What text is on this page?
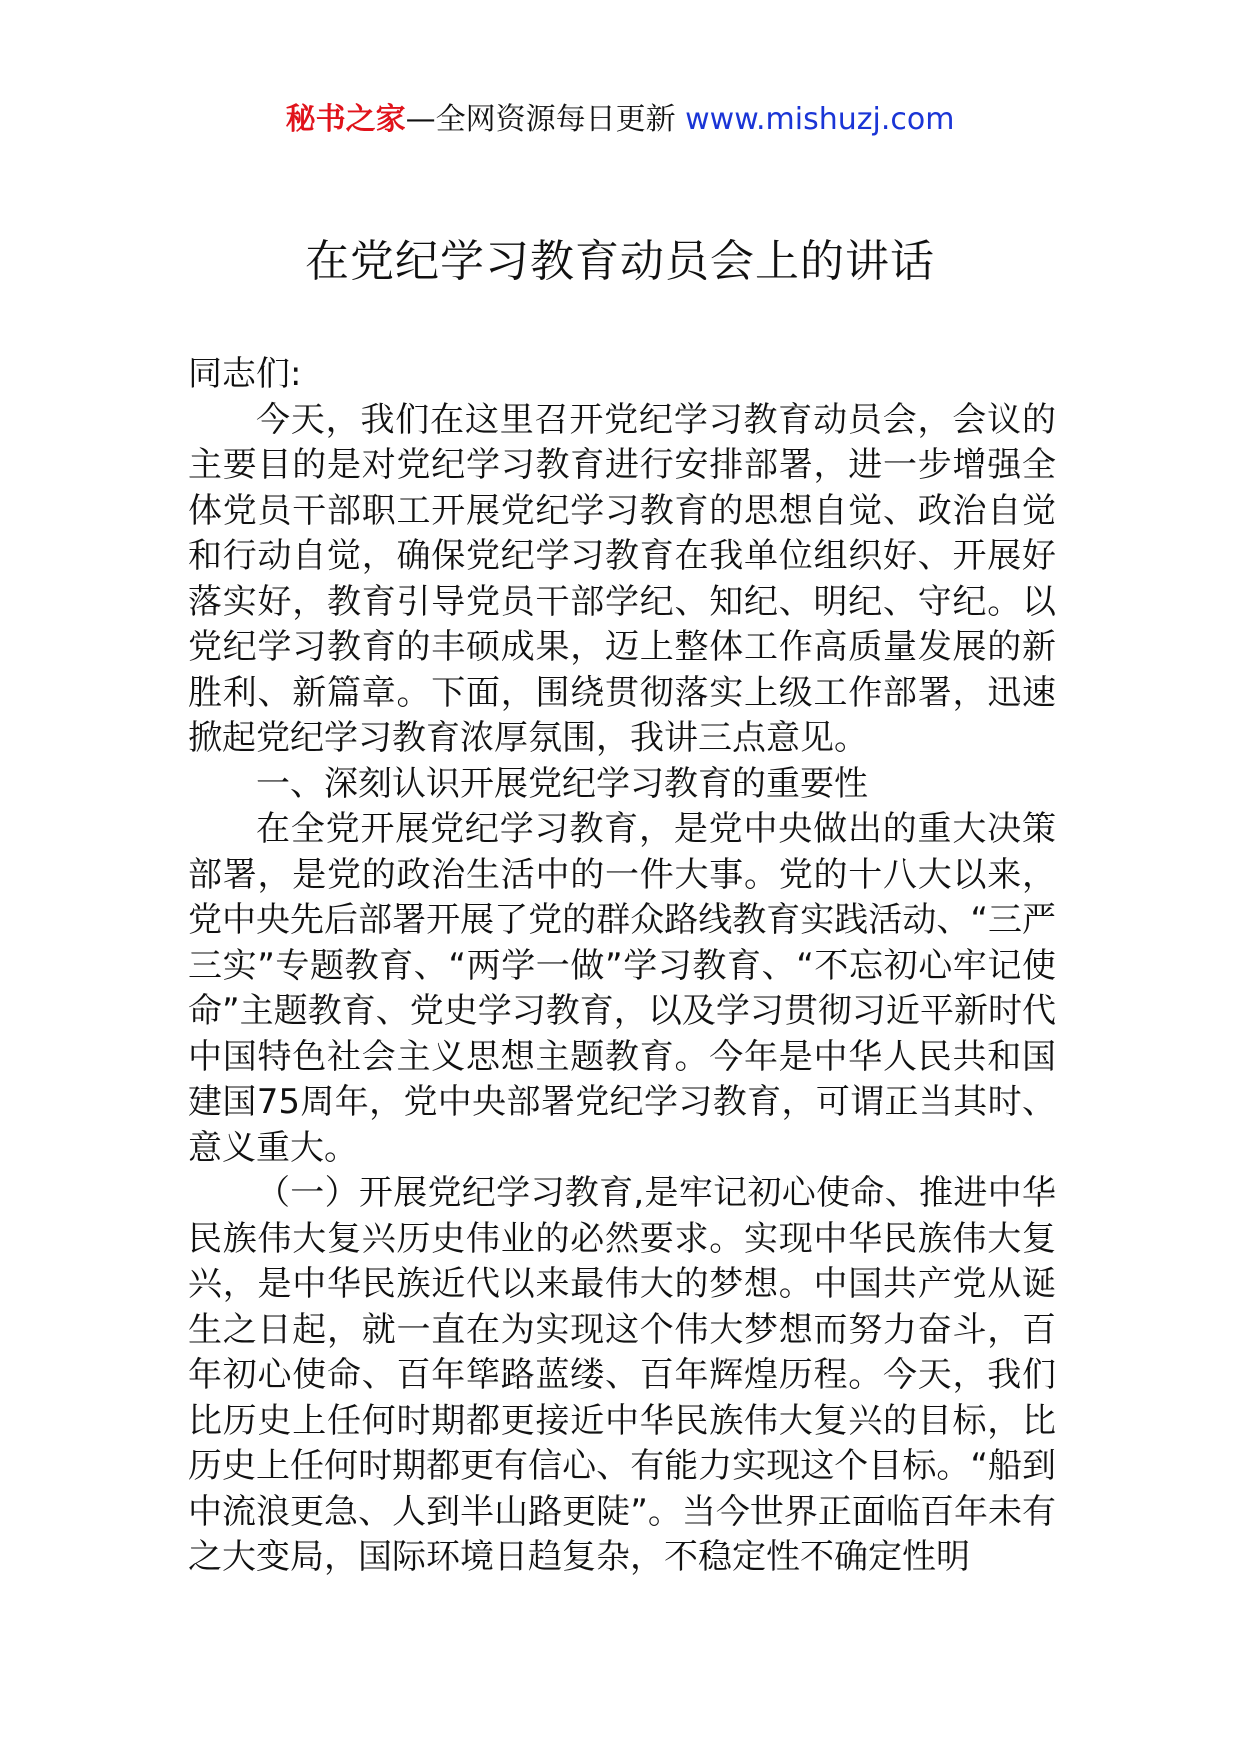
秘书之家—全网资源每日更新 www.mishuzj.com
在党纪学习教育动员会上的讲话

同志们:

今天，我们在这里召开党纪学习教育动员会，会议的主要目的是对党纪学习教育进行安排部署，进一步增强全体党员干部职工开展党纪学习教育的思想自觉、政治自觉和行动自觉，确保党纪学习教育在我单位组织好、开展好落实好，教育引导党员干部学纪、知纪、明纪、守纪。以党纪学习教育的丰硕成果，迈上整体工作高质量发展的新胜利、新篇章。下面，围绕贯彻落实上级工作部署，迅速掀起党纪学习教育浓厚氛围，我讲三点意见。

一、深刻认识开展党纪学习教育的重要性

在全党开展党纪学习教育，是党中央做出的重大决策部署，是党的政治生活中的一件大事。党的十八大以来，党中央先后部署开展了党的群众路线教育实践活动、“三严三实”专题教育、“两学一做”学习教育、“不忘初心牢记使命”主题教育、党史学习教育，以及学习贯彻习近平新时代中国特色社会主义思想主题教育。今年是中华人民共和国建国75周年，党中央部署党纪学习教育，可谓正当其时、意义重大。

（一）开展党纪学习教育,是牢记初心使命、推进中华民族伟大复兴历史伟业的必然要求。实现中华民族伟大复兴，是中华民族近代以来最伟大的梦想。中国共产党从诞生之日起，就一直在为实现这个伟大梦想而努力奋斗，百年初心使命、百年筚路蓝缕、百年辉煌历程。今天，我们比历史上任何时期都更接近中华民族伟大复兴的目标，比历史上任何时期都更有信心、有能力实现这个目标。“船到中流浪更急、人到半山路更陡”。当今世界正面临百年未有之大变局，国际环境日趋复杂，不稳定性不确定性明
